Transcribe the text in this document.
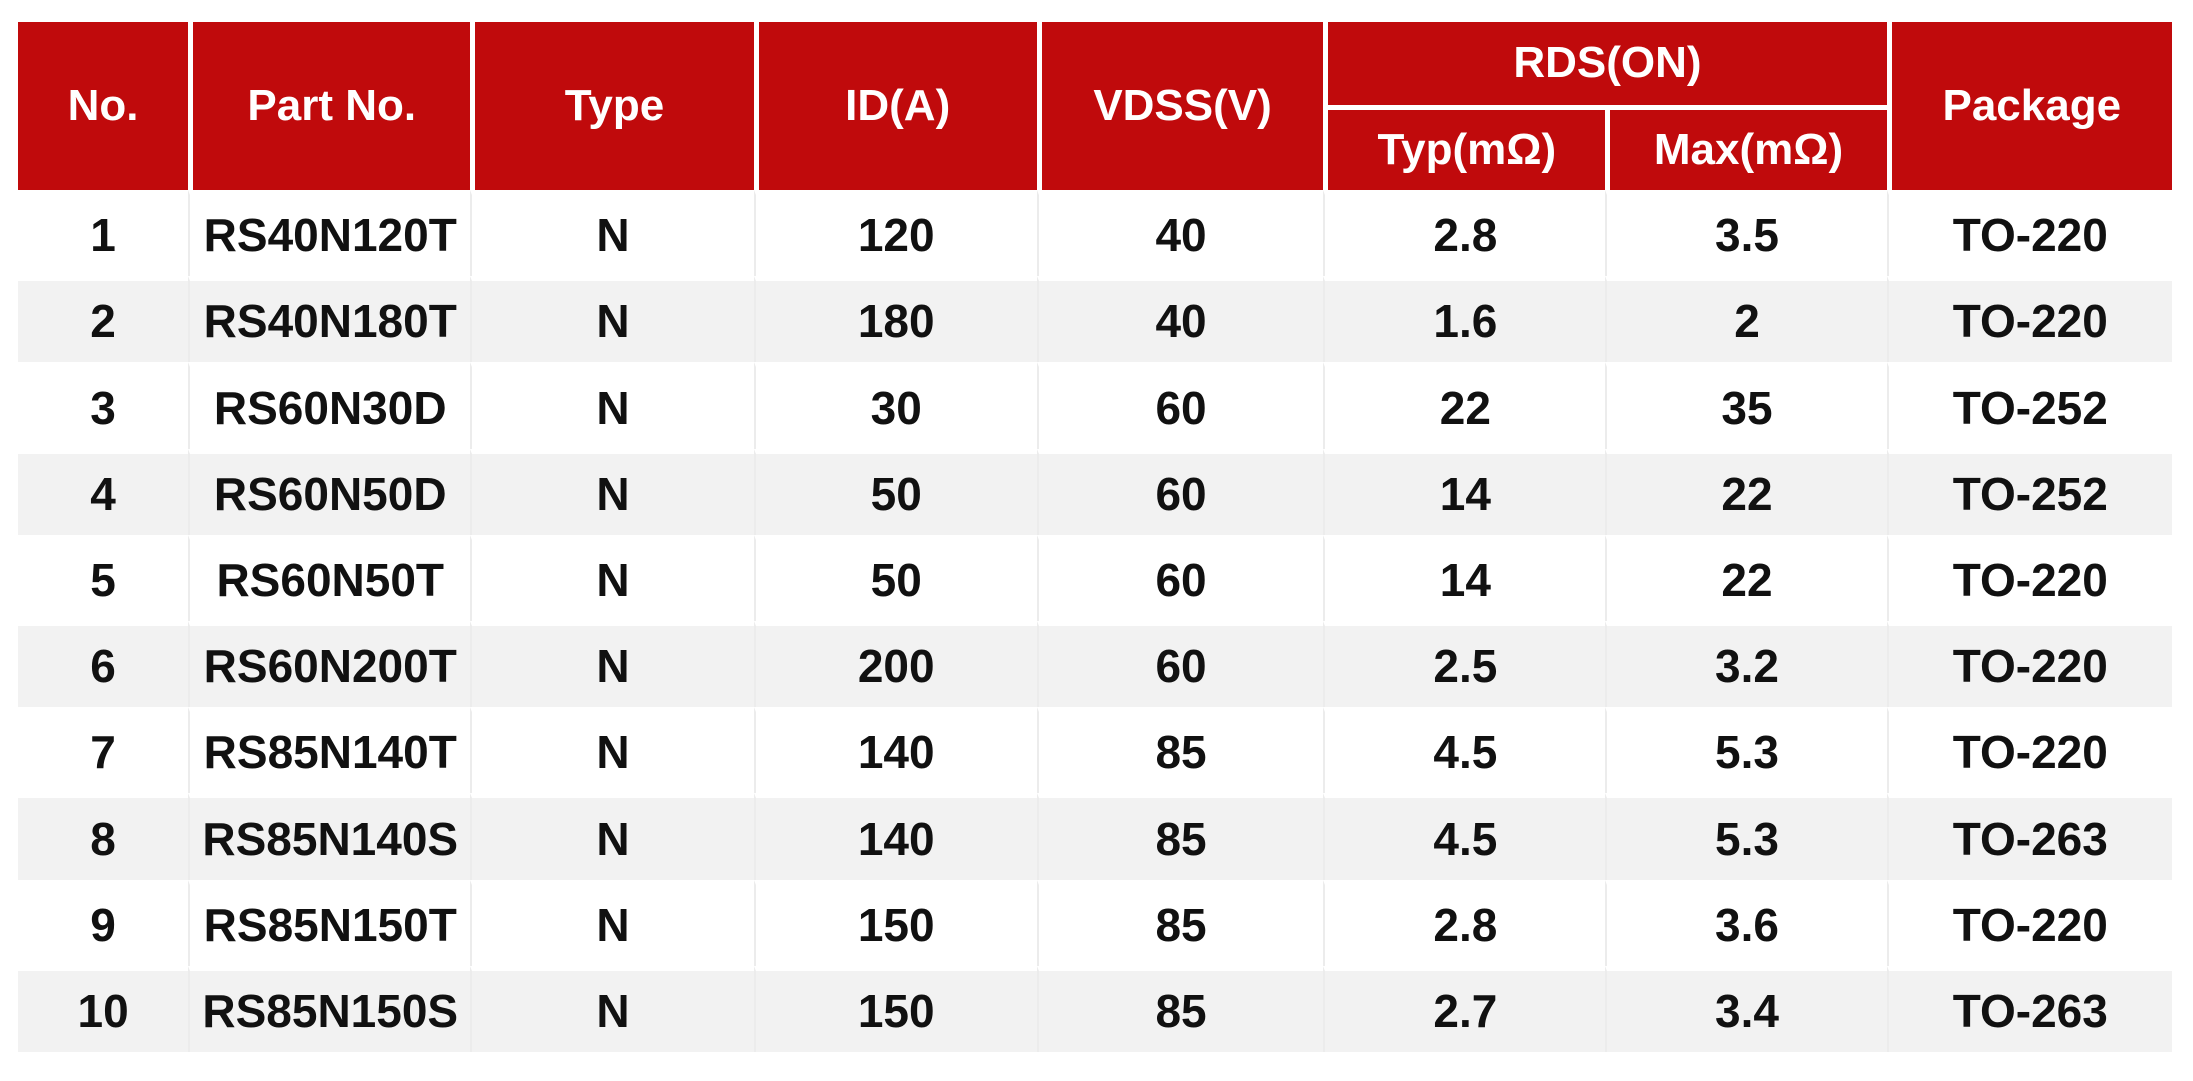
No.	Part No.	Type	ID(A)	VDSS(V)	RDS(ON)		Package
					Typ(mΩ)	Max(mΩ)	
1	RS40N120T	N	120	40	2.8	3.5	TO-220
2	RS40N180T	N	180	40	1.6	2	TO-220
3	RS60N30D	N	30	60	22	35	TO-252
4	RS60N50D	N	50	60	14	22	TO-252
5	RS60N50T	N	50	60	14	22	TO-220
6	RS60N200T	N	200	60	2.5	3.2	TO-220
7	RS85N140T	N	140	85	4.5	5.3	TO-220
8	RS85N140S	N	140	85	4.5	5.3	TO-263
9	RS85N150T	N	150	85	2.8	3.6	TO-220
10	RS85N150S	N	150	85	2.7	3.4	TO-263
